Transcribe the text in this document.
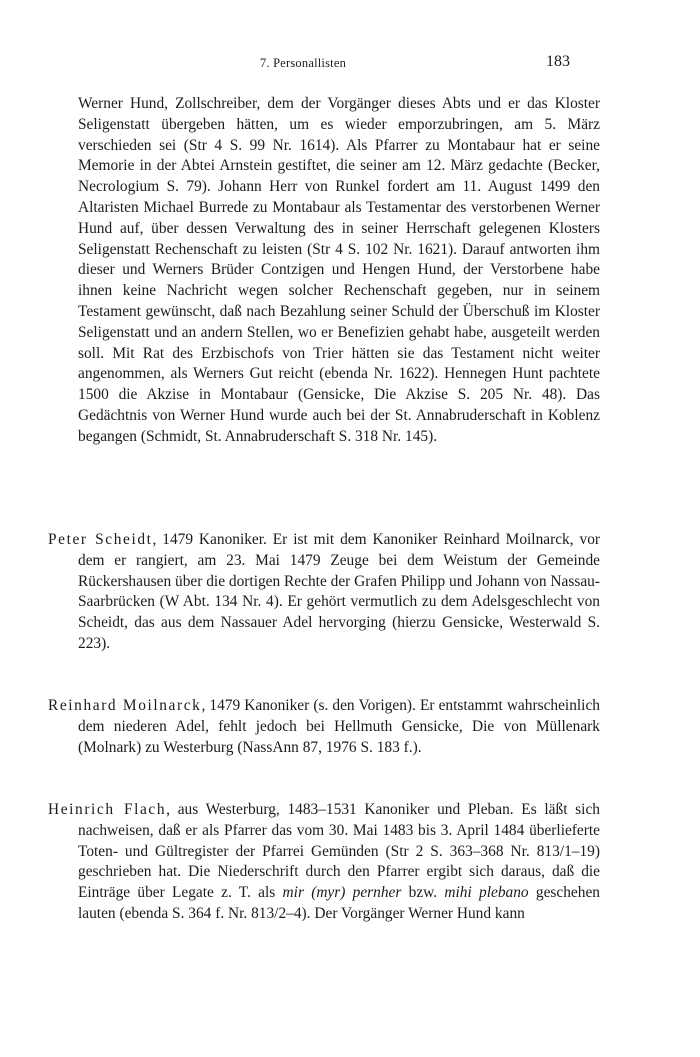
7. Personallisten	183
Werner Hund, Zollschreiber, dem der Vorgänger dieses Abts und er das Kloster Seligenstatt übergeben hätten, um es wieder emporzubringen, am 5. März verschieden sei (Str 4 S. 99 Nr. 1614). Als Pfarrer zu Montabaur hat er seine Memorie in der Abtei Arnstein gestiftet, die seiner am 12. März gedachte (Becker, Necrologium S. 79). Johann Herr von Runkel fordert am 11. August 1499 den Altaristen Michael Burrede zu Montabaur als Testamentar des verstorbenen Werner Hund auf, über dessen Verwaltung des in seiner Herrschaft gelegenen Klosters Seligenstatt Rechenschaft zu leisten (Str 4 S. 102 Nr. 1621). Darauf antworten ihm dieser und Werners Brüder Contzigen und Hengen Hund, der Verstorbene habe ihnen keine Nachricht wegen solcher Rechenschaft gegeben, nur in seinem Testament gewünscht, daß nach Bezahlung seiner Schuld der Überschuß im Kloster Seligenstatt und an andern Stellen, wo er Benefizien gehabt habe, ausgeteilt werden soll. Mit Rat des Erzbischofs von Trier hätten sie das Testament nicht weiter angenommen, als Werners Gut reicht (ebenda Nr. 1622). Hennegen Hunt pachtete 1500 die Akzise in Montabaur (Gensicke, Die Akzise S. 205 Nr. 48). Das Gedächtnis von Werner Hund wurde auch bei der St. Annabruderschaft in Koblenz begangen (Schmidt, St. Annabruderschaft S. 318 Nr. 145).
Peter Scheidt, 1479 Kanoniker. Er ist mit dem Kanoniker Reinhard Moilnarck, vor dem er rangiert, am 23. Mai 1479 Zeuge bei dem Weistum der Gemeinde Rückershausen über die dortigen Rechte der Grafen Philipp und Johann von Nassau-Saarbrücken (W Abt. 134 Nr. 4). Er gehört vermutlich zu dem Adelsgeschlecht von Scheidt, das aus dem Nassauer Adel hervorging (hierzu Gensicke, Westerwald S. 223).
Reinhard Moilnarck, 1479 Kanoniker (s. den Vorigen). Er entstammt wahrscheinlich dem niederen Adel, fehlt jedoch bei Hellmuth Gensicke, Die von Müllenark (Molnark) zu Westerburg (NassAnn 87, 1976 S. 183 f.).
Heinrich Flach, aus Westerburg, 1483–1531 Kanoniker und Pleban. Es läßt sich nachweisen, daß er als Pfarrer das vom 30. Mai 1483 bis 3. April 1484 überlieferte Toten- und Gültregister der Pfarrei Gemünden (Str 2 S. 363–368 Nr. 813/1–19) geschrieben hat. Die Niederschrift durch den Pfarrer ergibt sich daraus, daß die Einträge über Legate z. T. als mir (myr) pernher bzw. mihi plebano geschehen lauten (ebenda S. 364 f. Nr. 813/2–4). Der Vorgänger Werner Hund kann
